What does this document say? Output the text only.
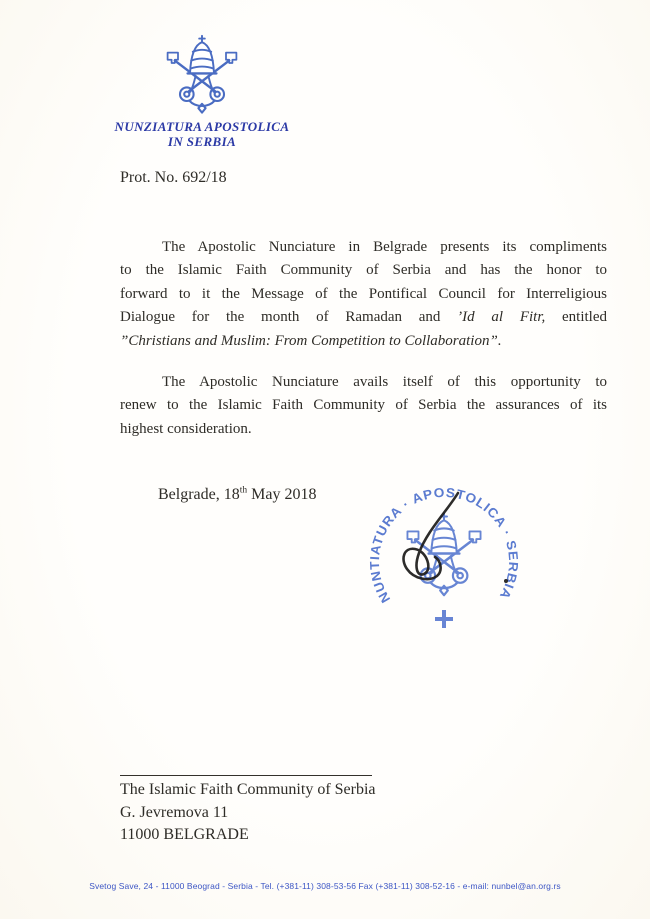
NUNZIATURA APOSTOLICA
IN SERBIA
Prot. No. 692/18
The Apostolic Nunciature in Belgrade presents its compliments
to the Islamic Faith Community of Serbia and has the honor to
forward to it the Message of the Pontifical Council for Interreligious
Dialogue for the month of Ramadan and ’Id al Fitr, entitled
”Christians and Muslim: From Competition to Collaboration”.
The Apostolic Nunciature avails itself of this opportunity to
renew to the Islamic Faith Community of Serbia the assurances of its
highest consideration.
Belgrade, 18th May 2018
NUNTIATURA · APOSTOLICA · SERBIA
The Islamic Faith Community of Serbia
G. Jevremova 11
11000 BELGRADE
Svetog Save, 24 - 11000 Beograd - Serbia - Tel. (+381-11) 308-53-56 Fax (+381-11) 308-52-16 - e-mail: nunbel@an.org.rs
